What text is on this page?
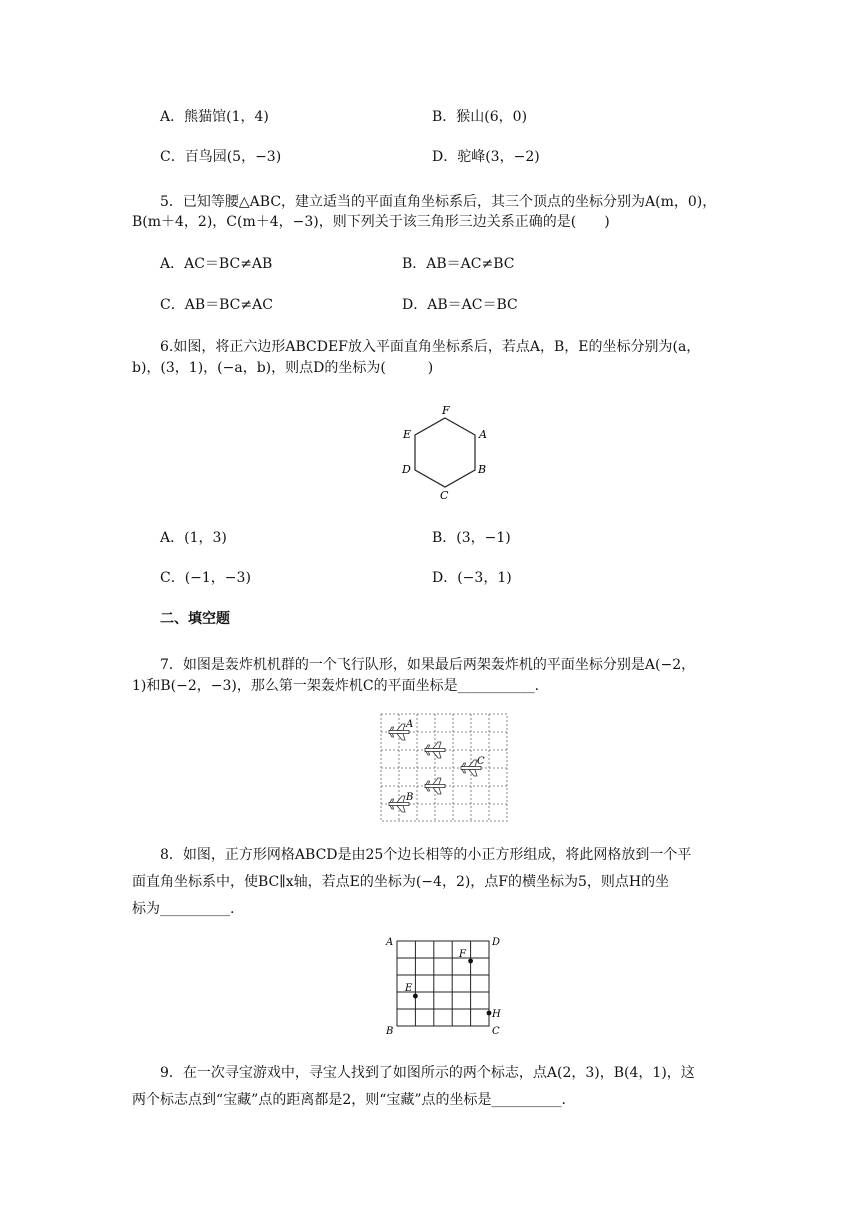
A．熊猫馆(1，4)	B．猴山(6，0)
C．百鸟园(5，−3)	D．驼峰(3，−2)
5．已知等腰△ABC，建立适当的平面直角坐标系后，其三个顶点的坐标分别为A(m，0)，
B(m＋4，2)，C(m＋4，−3)，则下列关于该三角形三边关系正确的是(　　)
A．AC＝BC≠AB	B．AB＝AC≠BC
C．AB＝BC≠AC	D．AB＝AC＝BC
6.如图，将正六边形ABCDEF放入平面直角坐标系后，若点A，B，E的坐标分别为(a，
b)，(3，1)，(−a，b)，则点D的坐标为(　　　)
F
A
B
C
D
E
A．(1，3)	B．(3，−1)
C．(−1，−3)	D．(−3，1)
二、填空题
7．如图是轰炸机机群的一个飞行队形，如果最后两架轰炸机的平面坐标分别是A(−2，
1)和B(−2，−3)，那么第一架轰炸机C的平面坐标是___________.
A
B
C
8．如图，正方形网格ABCD是由25个边长相等的小正方形组成，将此网格放到一个平
面直角坐标系中，使BC∥x轴，若点E的坐标为(−4，2)，点F的横坐标为5，则点H的坐
标为__________.
A	D
F
E
H
B	C
9．在一次寻宝游戏中，寻宝人找到了如图所示的两个标志，点A(2，3)，B(4，1)，这
两个标志点到“宝藏”点的距离都是2，则“宝藏”点的坐标是__________.
